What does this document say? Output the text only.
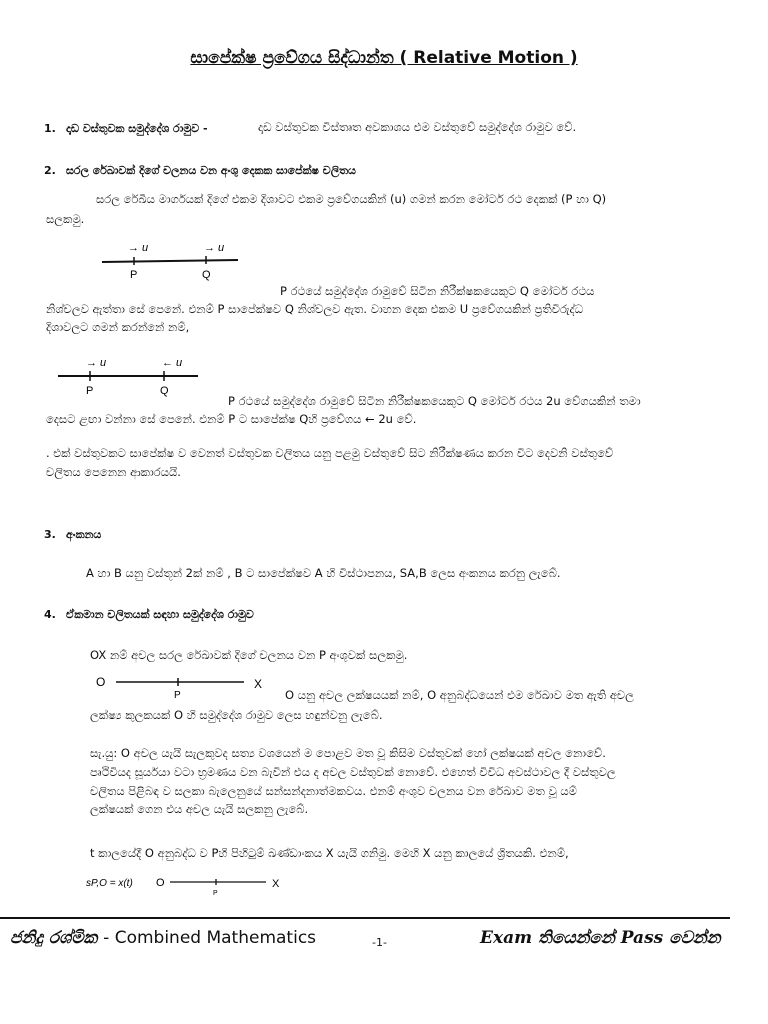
සාපේක්ෂ ප්‍රවේගය සිද්ධාන්ත ( Relative Motion )
1. දෘඩ වස්තුවක සමුද්දේශ රාමුව -	දෘඩ වස්තුවක විස්තෘත අවකාශය එම වස්තුවේ සමුද්දේශ රාමුව වේ.
2. සරල රේඛාවක් දිගේ චලනය වන අංශු දෙකක සාපේක්ෂ චලිතය
සරල රේඛීය මාර්ගයක් දිගේ එකම දිශාවට එකම ප්‍රවේගයකින් (u) ගමන් කරන මෝටර් රථ දෙකක් (P හා Q)
සලකමු.
→ u	→ u
P	Q
P රථයේ සමුද්දේශ රාමුවේ සිටින නිරීක්ෂකයෙකුට Q මෝටර් රථය
නිශ්චලව ඇත්තා සේ පෙනේ. එනම් P සාපේක්ෂව Q නිශ්චලව ඇත. වාහන දෙක එකම U ප්‍රවේගයකින් ප්‍රතිවිරුද්ධ
දිශාවලට ගමන් කරන්නේ නම්,
→ u	← u
P	Q
P රථයේ සමුද්දේශ රාමුවේ සිටින නිරීක්ෂකයෙකුට Q මෝටර් රථය 2u වේගයකින් තමා
දෙසට ළඟා වන්නා සේ පෙනේ. එනම් P ට සාපේක්ෂ Qහි ප්‍රවේගය ← 2u වේ.
. එක් වස්තුවකට සාපේක්ෂ ව වෙනත් වස්තුවක චලිතය යනු පළමු වස්තුවේ සිට නිරීක්ෂණය කරන විට දෙවනි වස්තුවේ
චලිතය පෙනෙන ආකාරයයි.
3. අංකනය
A හා B යනු වස්තූන් 2ක් නම් , B ට සාපේක්ෂව A හි විස්ථාපනය, SA,B ලෙස අංකනය කරනු ලැබේ.
4. ඒකමාන චලිතයක් සඳහා සමුද්දේශ රාමුව
OX නම් අචල සරල රේඛාවක් දිගේ චලනය වන P අංශුවක් සලකමු.
O
P
X
O යනු අචල ලක්ෂයයක් නම්, O අනුබද්ධයෙන් එම රේඛාව මත ඇති අචල
ලක්ෂ්‍ය කුලකයක් O හි සමුද්දේශ රාමුව ලෙස හඳුන්වනු ලැබේ.
සැ.යු: O අචල යැයි සැලකුවද සත්‍ය වශයෙන් ම පොළව මත වූ කිසිම වස්තුවක් හෝ ලක්ෂයක් අචල නොවේ.
පෘථිවියද සූර්යයා වටා භ්‍රමණය වන බැවින් එය ද අචල වස්තුවක් නොවේ. එහෙත් විවිධ අවස්ථාවල දී වස්තුවල
චලිතය පිළිබඳ ව සලකා බැලෙනුයේ සන්සන්දනාත්මකවය. එනම් අංශුව චලනය වන රේඛාව මත වූ යම්
ලක්ෂයක් ගෙන එය අචල යැයි සලකනු ලැබේ.
t කාලයේදී O අනුබද්ධ ව Pහි පිහිටුම් ඛණ්ඩාංකය X යැයි ගනිමු. මෙහි X යනු කාලයේ ශ්‍රිතයකි. එනම්,
sP,O = x(t) O
P
X
ජනිදු රශ්මික - Combined Mathematics	-1-	Exam තියෙන්නේ Pass වෙන්න
